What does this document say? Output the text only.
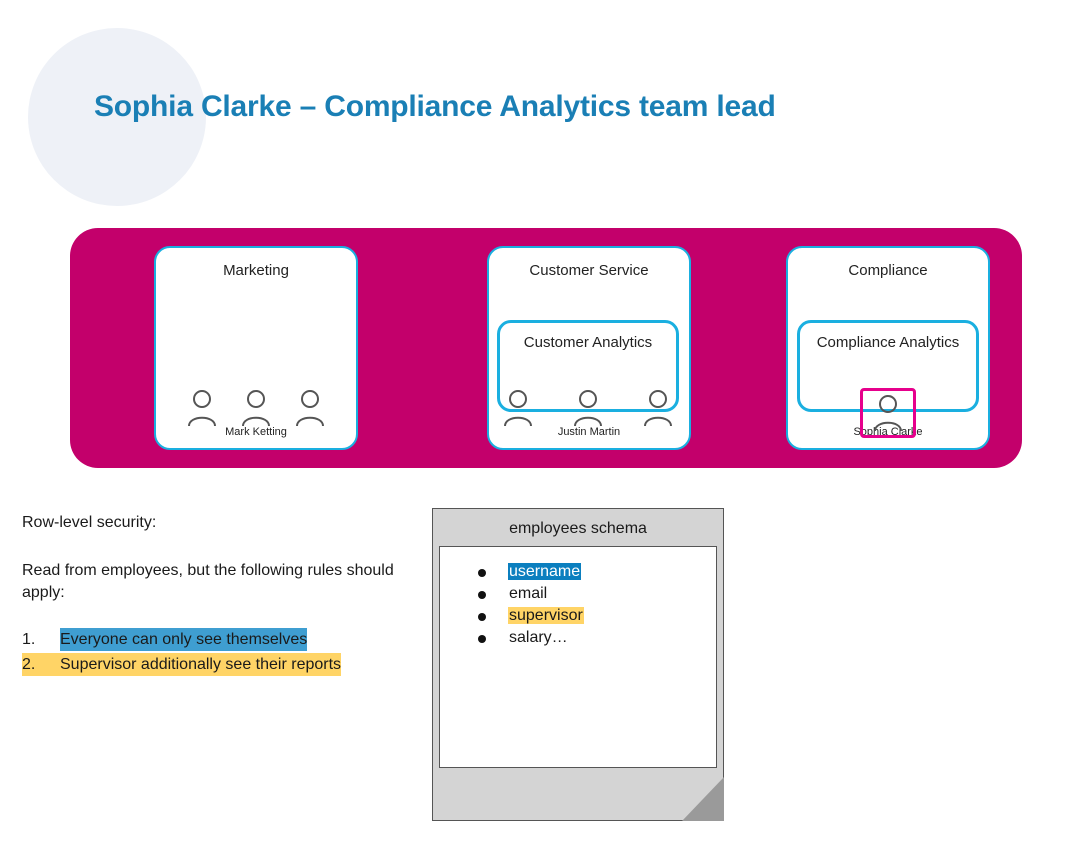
Sophia Clarke – Compliance Analytics team lead
Marketing
Mark Ketting
Customer Service
Justin Martin
Customer Analytics
Compliance
Sophia Clarke
Compliance Analytics

Row-level security:

Read from employees, but the following rules should apply:

1.	Everyone can only see themselves
2.	Supervisor additionally see their reports
employees schema
username
email
supervisor
salary…
